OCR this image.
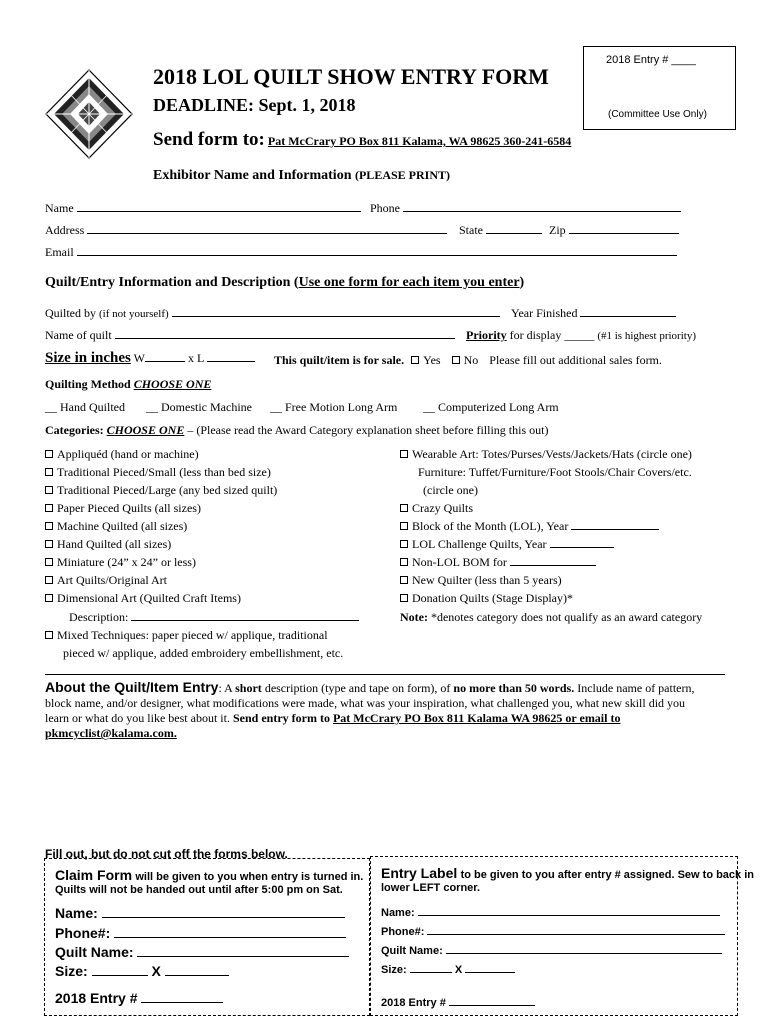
2018 Entry # ____
(Committee Use Only)
2018 LOL QUILT SHOW ENTRY FORM
DEADLINE: Sept. 1, 2018
Send form to: Pat McCrary PO Box 811 Kalama, WA 98625 360-241-6584
Exhibitor Name and Information (PLEASE PRINT)
Name	Phone
Address	State	Zip
Email
Quilt/Entry Information and Description (Use one form for each item you enter)
Quilted by (if not yourself)	Year Finished
Name of quilt	Priority for display _____ (#1 is highest priority)
Size in inches W	x L	This quilt/item is for sale. Yes No Please fill out additional sales form.
Quilting Method CHOOSE ONE
__ Hand Quilted __ Domestic Machine __ Free Motion Long Arm __ Computerized Long Arm
Categories: CHOOSE ONE – (Please read the Award Category explanation sheet before filling this out)
Appliquéd (hand or machine)
Traditional Pieced/Small (less than bed size)
Traditional Pieced/Large (any bed sized quilt)
Paper Pieced Quilts (all sizes)
Machine Quilted (all sizes)
Hand Quilted (all sizes)
Miniature (24” x 24” or less)
Art Quilts/Original Art
Dimensional Art (Quilted Craft Items)
Description:
Mixed Techniques: paper pieced w/ applique, traditional
pieced w/ applique, added embroidery embellishment, etc.
Wearable Art: Totes/Purses/Vests/Jackets/Hats (circle one)
Furniture: Tuffet/Furniture/Foot Stools/Chair Covers/etc.
(circle one)
Crazy Quilts
Block of the Month (LOL), Year
LOL Challenge Quilts, Year
Non-LOL BOM for
New Quilter (less than 5 years)
Donation Quilts (Stage Display)*
Note: *denotes category does not qualify as an award category
About the Quilt/Item Entry: A short description (type and tape on form), of no more than 50 words. Include name of pattern,
block name, and/or designer, what modifications were made, what was your inspiration, what challenged you, what new skill did you
learn or what do you like best about it. Send entry form to Pat McCrary PO Box 811 Kalama WA 98625 or email to
pkmcyclist@kalama.com.
Fill out, but do not cut off the forms below.
Claim Form will be given to you when entry is turned in.
Quilts will not be handed out until after 5:00 pm on Sat.
Name:
Phone#:
Quilt Name:
Size:	X
2018 Entry #
Entry Label to be given to you after entry # assigned. Sew to back in
lower LEFT corner.
Name:
Phone#:
Quilt Name:
Size:	X
2018 Entry #
